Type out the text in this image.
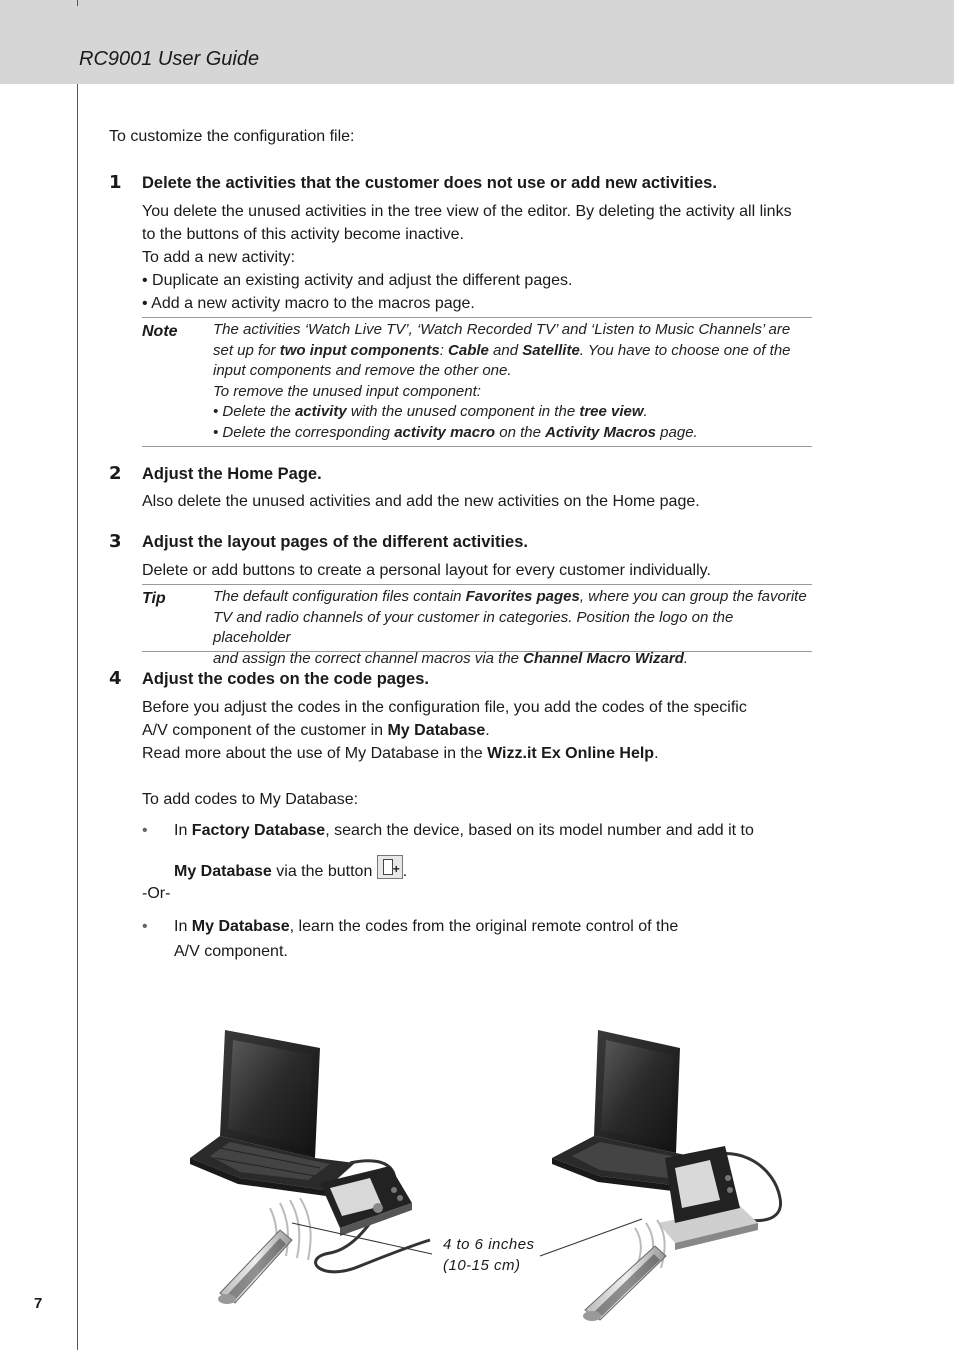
RC9001 User Guide
7
To customize the configuration file:
1 Delete the activities that the customer does not use or add new activities.
You delete the unused activities in the tree view of the editor. By deleting the activity all links
to the buttons of this activity become inactive.
To add a new activity:
• Duplicate an existing activity and adjust the different pages.
• Add a new activity macro to the macros page.
Note The activities ‘Watch Live TV’, ‘Watch Recorded TV’ and ‘Listen to Music Channels’ are
set up for two input components: Cable and Satellite. You have to choose one of the
input components and remove the other one.
To remove the unused input component:
• Delete the activity with the unused component in the tree view.
• Delete the corresponding activity macro on the Activity Macros page.
2 Adjust the Home Page.
Also delete the unused activities and add the new activities on the Home page.
3 Adjust the layout pages of the different activities.
Delete or add buttons to create a personal layout for every customer individually.
Tip	The default configuration files contain Favorites pages, where you can group the favorite
TV and radio channels of your customer in categories. Position the logo on the placeholder
and assign the correct channel macros via the Channel Macro Wizard.
4 Adjust the codes on the code pages.
Before you adjust the codes in the configuration file, you add the codes of the specific
A/V component of the customer in My Database.
Read more about the use of My Database in the Wizz.it Ex Online Help.
To add codes to My Database:
• In Factory Database, search the device, based on its model number and add it to
My Database via the button + .
-Or-
• In My Database, learn the codes from the original remote control of the
A/V component.
4 to 6 inches
(10-15 cm)
